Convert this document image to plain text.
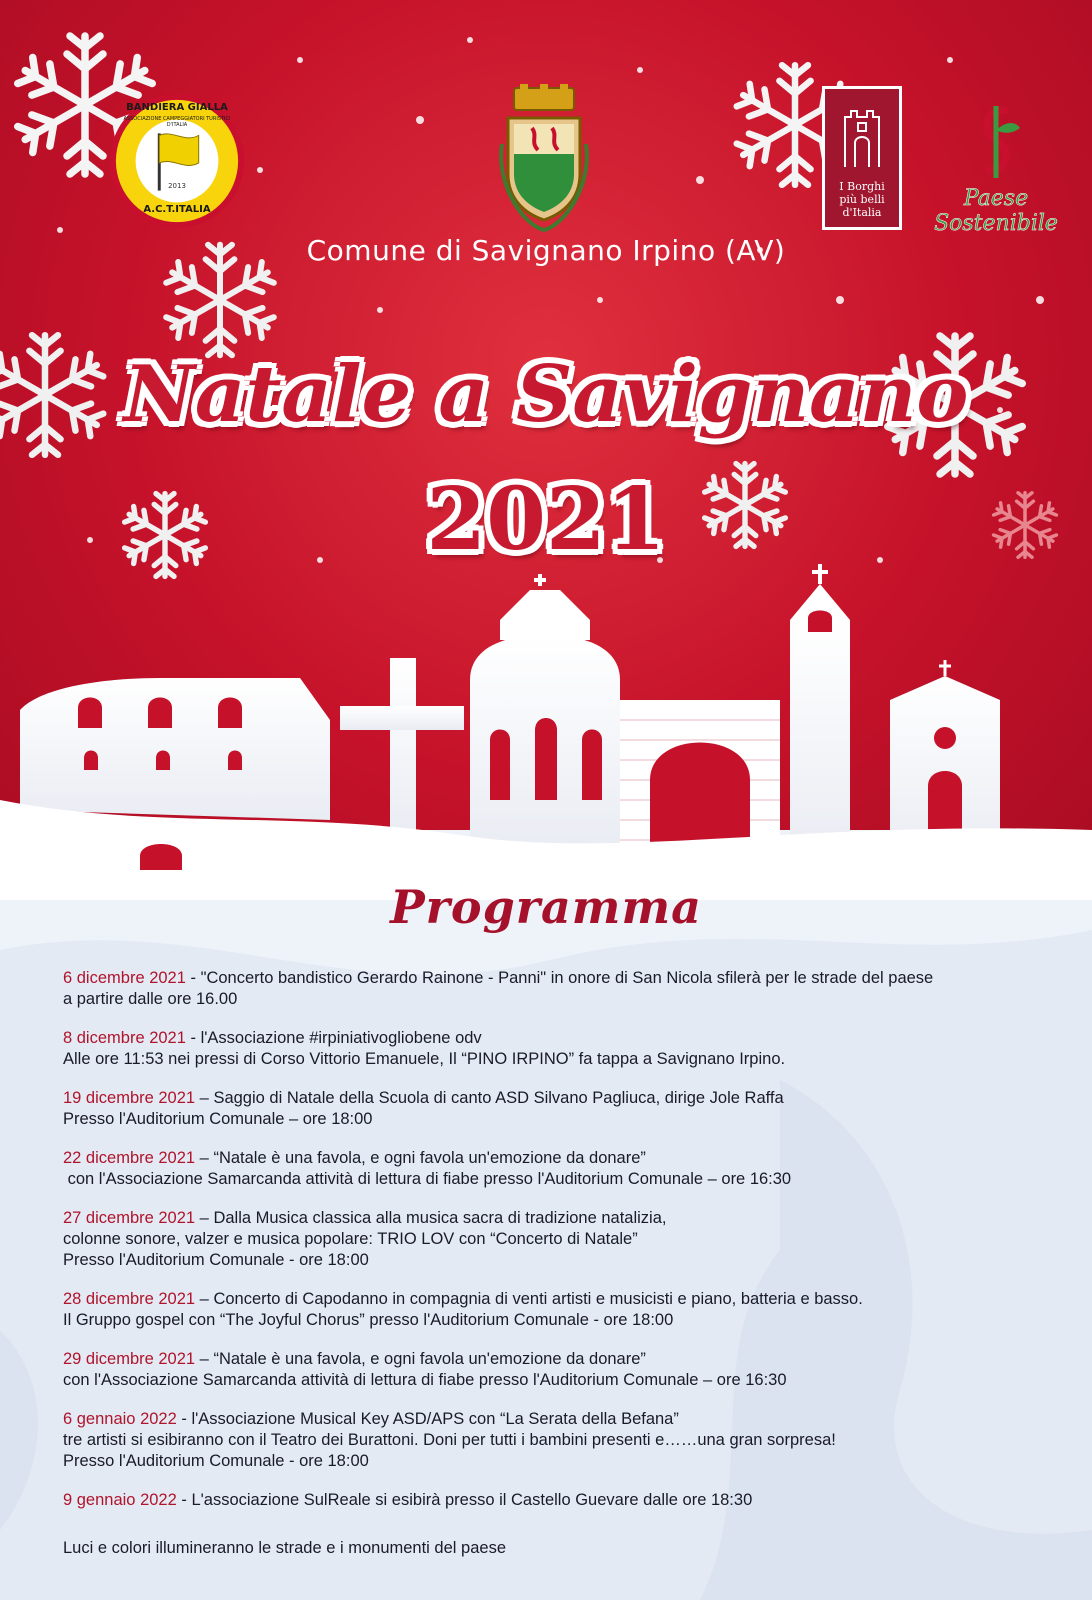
BANDIERA GIALLA
ASSOCIAZIONE CAMPEGGIATORI TURISTICI D'ITALIA
2013
A.C.T.ITALIA
I Borghi
più belli
d'Italia
Paese Sostenibile
Comune di Savignano Irpino (AV)
Natale a Savignano
2021
Programma

6 dicembre 2021 - "Concerto bandistico Gerardo Rainone - Panni" in onore di San Nicola sfilerà per le strade del paese

a partire dalle ore 16.00

8 dicembre 2021 - l'Associazione #irpiniativogliobene odv

Alle ore 11:53 nei pressi di Corso Vittorio Emanuele, Il “PINO IRPINO” fa tappa a Savignano Irpino.

19 dicembre 2021 – Saggio di Natale della Scuola di canto ASD Silvano Pagliuca, dirige Jole Raffa

Presso l'Auditorium Comunale – ore 18:00

22 dicembre 2021 – “Natale è una favola, e ogni favola un'emozione da donare”

con l'Associazione Samarcanda attività di lettura di fiabe presso l'Auditorium Comunale – ore 16:30

27 dicembre 2021 – Dalla Musica classica alla musica sacra di tradizione natalizia,

colonne sonore, valzer e musica popolare: TRIO LOV con “Concerto di Natale”

Presso l'Auditorium Comunale - ore 18:00

28 dicembre 2021 – Concerto di Capodanno in compagnia di venti artisti e musicisti e piano, batteria e basso.

Il Gruppo gospel con “The Joyful Chorus” presso l'Auditorium Comunale - ore 18:00

29 dicembre 2021 – “Natale è una favola, e ogni favola un'emozione da donare”

con l'Associazione Samarcanda attività di lettura di fiabe presso l'Auditorium Comunale – ore 16:30

6 gennaio 2022 - l'Associazione Musical Key ASD/APS con “La Serata della Befana”

tre artisti si esibiranno con il Teatro dei Burattoni. Doni per tutti i bambini presenti e……una gran sorpresa!

Presso l'Auditorium Comunale - ore 18:00

9 gennaio 2022 - L'associazione SulReale si esibirà presso il Castello Guevare dalle ore 18:30

Luci e colori illumineranno le strade e i monumenti del paese
